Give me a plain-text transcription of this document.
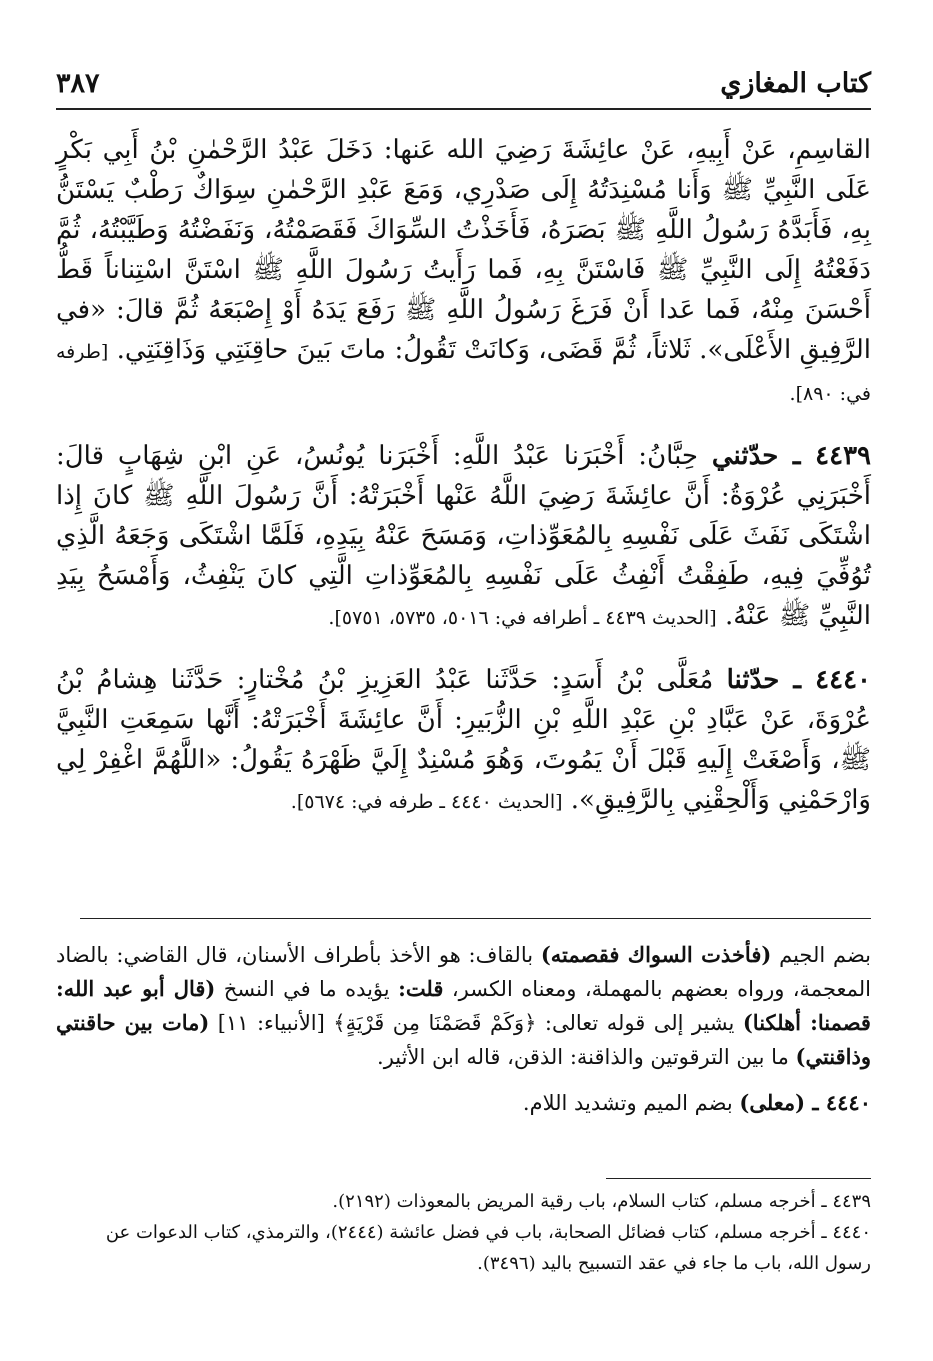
كتاب المغازي
٣٨٧

القاسِمِ، عَنْ أَبِيهِ، عَنْ عائِشَةَ رَضِيَ الله عَنها: دَخَلَ عَبْدُ الرَّحْمٰنِ بْنُ أَبِي بَكْرٍ عَلَى النَّبِيِّ ﷺ وَأَنا مُسْنِدَتُهُ إِلَى صَدْرِي، وَمَعَ عَبْدِ الرَّحْمٰنِ سِوَاكٌ رَطْبٌ يَسْتَنُّ بِهِ، فَأَبَدَّهُ رَسُولُ اللَّهِ ﷺ بَصَرَهُ، فَأَخَذْتُ السِّوَاكَ فَقَصَمْتُهُ، وَنَفَضْتُهُ وَطَيَّبْتُهُ، ثُمَّ دَفَعْتُهُ إِلَى النَّبِيِّ ﷺ فَاسْتَنَّ بِهِ، فَما رَأَيتُ رَسُولَ اللَّهِ ﷺ اسْتَنَّ اسْتِناناً قَطُّ أَحْسَنَ مِنْهُ، فَما عَدا أَنْ فَرَغَ رَسُولُ اللَّهِ ﷺ رَفَعَ يَدَهُ أَوْ إِصْبَعَهُ ثُمَّ قالَ: «في الرَّفِيقِ الأَعْلَى». ثَلاثاً، ثُمَّ قَضَى، وَكانَتْ تَقُولُ: ماتَ بَينَ حاقِنَتِي وَذَاقِنَتِي. [طرفه في: ٨٩٠].

٤٤٣٩ ـ حدّثني حِبَّانُ: أَخْبَرَنا عَبْدُ اللَّهِ: أَخْبَرَنا يُونُسُ، عَنِ ابْنِ شِهَابٍ قالَ: أَخْبَرَنِي عُرْوَةُ: أَنَّ عائِشَةَ رَضِيَ اللَّهُ عَنْها أَخْبَرَتْهُ: أَنَّ رَسُولَ اللَّهِ ﷺ كانَ إِذا اشْتَكَى نَفَثَ عَلَى نَفْسِهِ بِالمُعَوِّذاتِ، وَمَسَحَ عَنْهُ بِيَدِهِ، فَلَمَّا اشْتَكَى وَجَعَهُ الَّذِي تُوُفِّيَ فِيهِ، طَفِقْتُ أَنْفِثُ عَلَى نَفْسِهِ بِالمُعَوِّذاتِ الَّتِي كانَ يَنْفِثُ، وَأَمْسَحُ بِيَدِ النَّبِيِّ ﷺ عَنْهُ. [الحديث ٤٤٣٩ ـ أطرافه في: ٥٠١٦، ٥٧٣٥، ٥٧٥١].

٤٤٤٠ ـ حدّثنا مُعَلَّى بْنُ أَسَدٍ: حَدَّثَنا عَبْدُ العَزِيزِ بْنُ مُخْتارٍ: حَدَّثَنا هِشامُ بْنُ عُرْوَةَ، عَنْ عَبَّادِ بْنِ عَبْدِ اللَّهِ بْنِ الزُّبَيرِ: أَنَّ عائِشَةَ أَخْبَرَتْهُ: أَنَّها سَمِعَتِ النَّبِيَّ ﷺ، وَأَصْغَتْ إِلَيهِ قَبْلَ أَنْ يَمُوتَ، وَهُوَ مُسْنِدٌ إِلَيَّ ظَهْرَهُ يَقُولُ: «اللَّهُمَّ اغْفِرْ لِي وَارْحَمْنِي وَأَلْحِقْنِي بِالرَّفِيقِ». [الحديث ٤٤٤٠ ـ طرفه في: ٥٦٧٤].

بضم الجيم (فأخذت السواك فقصمته) بالقاف: هو الأخذ بأطراف الأسنان، قال القاضي: بالضاد المعجمة، ورواه بعضهم بالمهملة، ومعناه الكسر، قلت: يؤيده ما في النسخ (قال أبو عبد الله: قصمنا: أهلكنا) يشير إلى قوله تعالى: ﴿وَكَمْ قَصَمْنَا مِن قَرْيَةٍ﴾ [الأنبياء: ١١] (مات بين حاقنتي وذاقنتي) ما بين الترقوتين والذاقنة: الذقن، قاله ابن الأثير.

٤٤٤٠ ـ (معلى) بضم الميم وتشديد اللام.

٤٤٣٩ ـ أخرجه مسلم، كتاب السلام، باب رقية المريض بالمعوذات (٢١٩٢).

٤٤٤٠ ـ أخرجه مسلم، كتاب فضائل الصحابة، باب في فضل عائشة (٢٤٤٤)، والترمذي، كتاب الدعوات عن رسول الله، باب ما جاء في عقد التسبيح باليد (٣٤٩٦).
